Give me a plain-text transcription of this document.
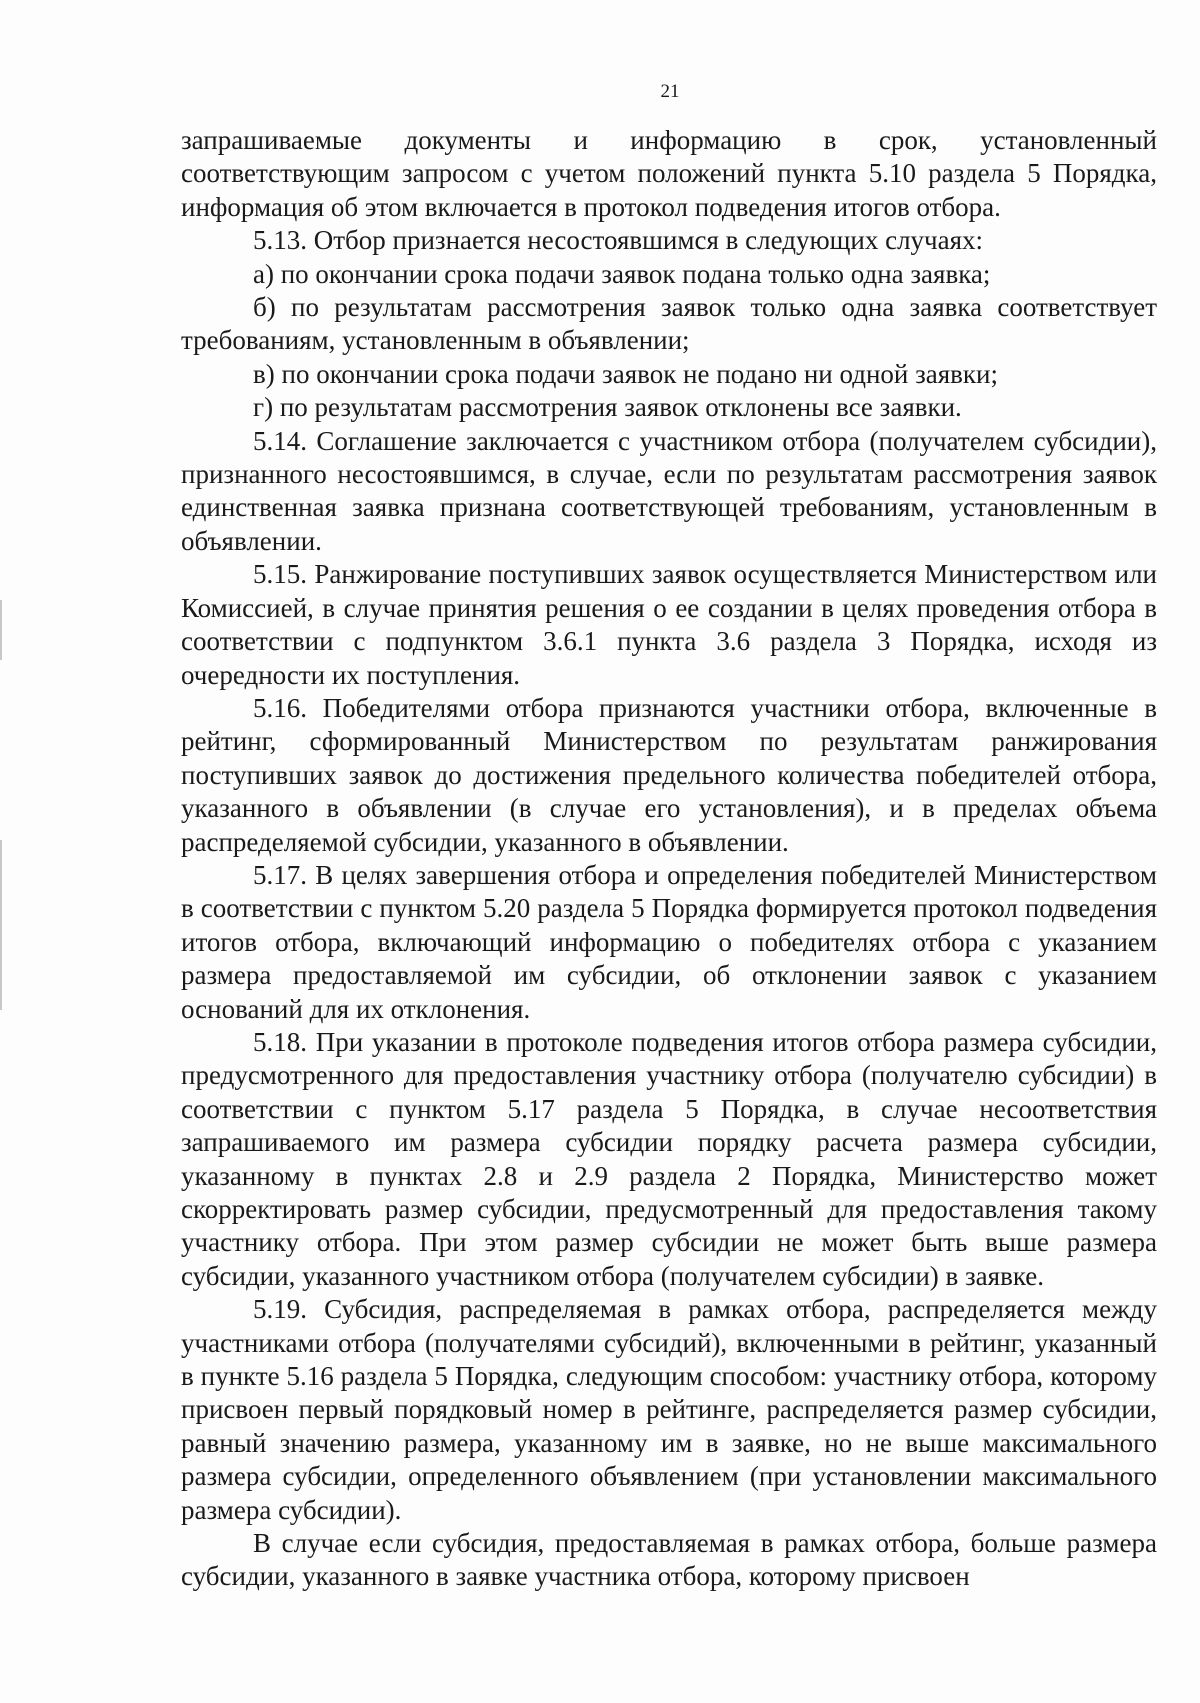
21

запрашиваемые документы и информацию в срок, установленный соответствующим запросом с учетом положений пункта 5.10 раздела 5 Порядка, информация об этом включается в протокол подведения итогов отбора.

5.13. Отбор признается несостоявшимся в следующих случаях:

а) по окончании срока подачи заявок подана только одна заявка;

б) по результатам рассмотрения заявок только одна заявка соответствует требованиям, установленным в объявлении;

в) по окончании срока подачи заявок не подано ни одной заявки;

г) по результатам рассмотрения заявок отклонены все заявки.

5.14. Соглашение заключается с участником отбора (получателем субсидии), признанного несостоявшимся, в случае, если по результатам рассмотрения заявок единственная заявка признана соответствующей требованиям, установленным в объявлении.

5.15. Ранжирование поступивших заявок осуществляется Министерством или Комиссией, в случае принятия решения о ее создании в целях проведения отбора в соответствии с подпунктом 3.6.1 пункта 3.6 раздела 3 Порядка, исходя из очередности их поступления.

5.16. Победителями отбора признаются участники отбора, включенные в рейтинг, сформированный Министерством по результатам ранжирования поступивших заявок до достижения предельного количества победителей отбора, указанного в объявлении (в случае его установления), и в пределах объема распределяемой субсидии, указанного в объявлении.

5.17. В целях завершения отбора и определения победителей Министерством в соответствии с пунктом 5.20 раздела 5 Порядка формируется протокол подведения итогов отбора, включающий информацию о победителях отбора с указанием размера предоставляемой им субсидии, об отклонении заявок с указанием оснований для их отклонения.

5.18. При указании в протоколе подведения итогов отбора размера субсидии, предусмотренного для предоставления участнику отбора (получателю субсидии) в соответствии с пунктом 5.17 раздела 5 Порядка, в случае несоответствия запрашиваемого им размера субсидии порядку расчета размера субсидии, указанному в пунктах 2.8 и 2.9 раздела 2 Порядка, Министерство может скорректировать размер субсидии, предусмотренный для предоставления такому участнику отбора. При этом размер субсидии не может быть выше размера субсидии, указанного участником отбора (получателем субсидии) в заявке.

5.19. Субсидия, распределяемая в рамках отбора, распределяется между участниками отбора (получателями субсидий), включенными в рейтинг, указанный в пункте 5.16 раздела 5 Порядка, следующим способом: участнику отбора, которому присвоен первый порядковый номер в рейтинге, распределяется размер субсидии, равный значению размера, указанному им в заявке, но не выше максимального размера субсидии, определенного объявлением (при установлении максимального размера субсидии).

В случае если субсидия, предоставляемая в рамках отбора, больше размера субсидии, указанного в заявке участника отбора, которому присвоен
